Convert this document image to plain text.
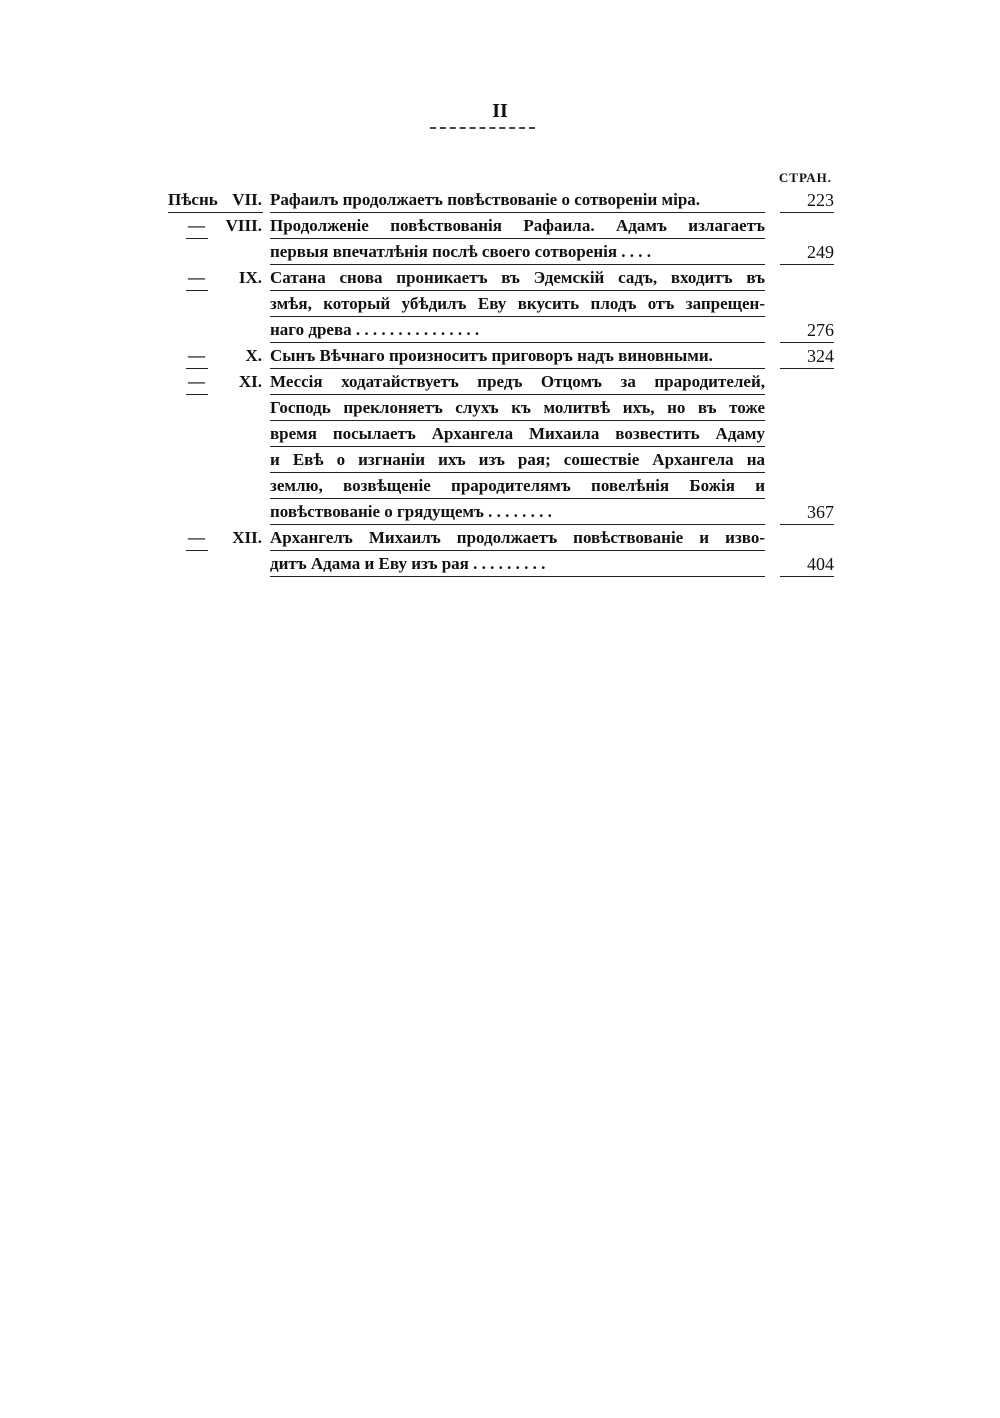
II
СТРАН.
Пѣснь VII. Рафаилъ продолжаетъ повѣствованіе о сотвореніи міра.	223
— VIII. Продолженіе повѣствованія Рафаила. Адамъ излагаетъ
первыя впечатлѣнія послѣ своего сотворенія . . . .	249
— IX. Сатана снова проникаетъ въ Эдемскій садъ, входитъ въ
змѣя, который убѣдилъ Еву вкусить плодъ отъ запрещен-
наго древа . . . . . . . . . . . . . . .	276
— X. Сынъ Вѣчнаго произноситъ приговоръ надъ виновными.	324
— XI. Мессія ходатайствуетъ предъ Отцомъ за прародителей,
Господь преклоняетъ слухъ къ молитвѣ ихъ, но въ тоже
время посылаетъ Архангела Михаила возвестить Адаму
и Евѣ о изгнаніи ихъ изъ рая; сошествіе Архангела на
землю, возвѣщеніе прародителямъ повелѣнія Божія и
повѣствованіе о грядущемъ . . . . . . . .	367
— XII. Архангелъ Михаилъ продолжаетъ повѣствованіе и изво-
дитъ Адама и Еву изъ рая . . . . . . . . .	404
